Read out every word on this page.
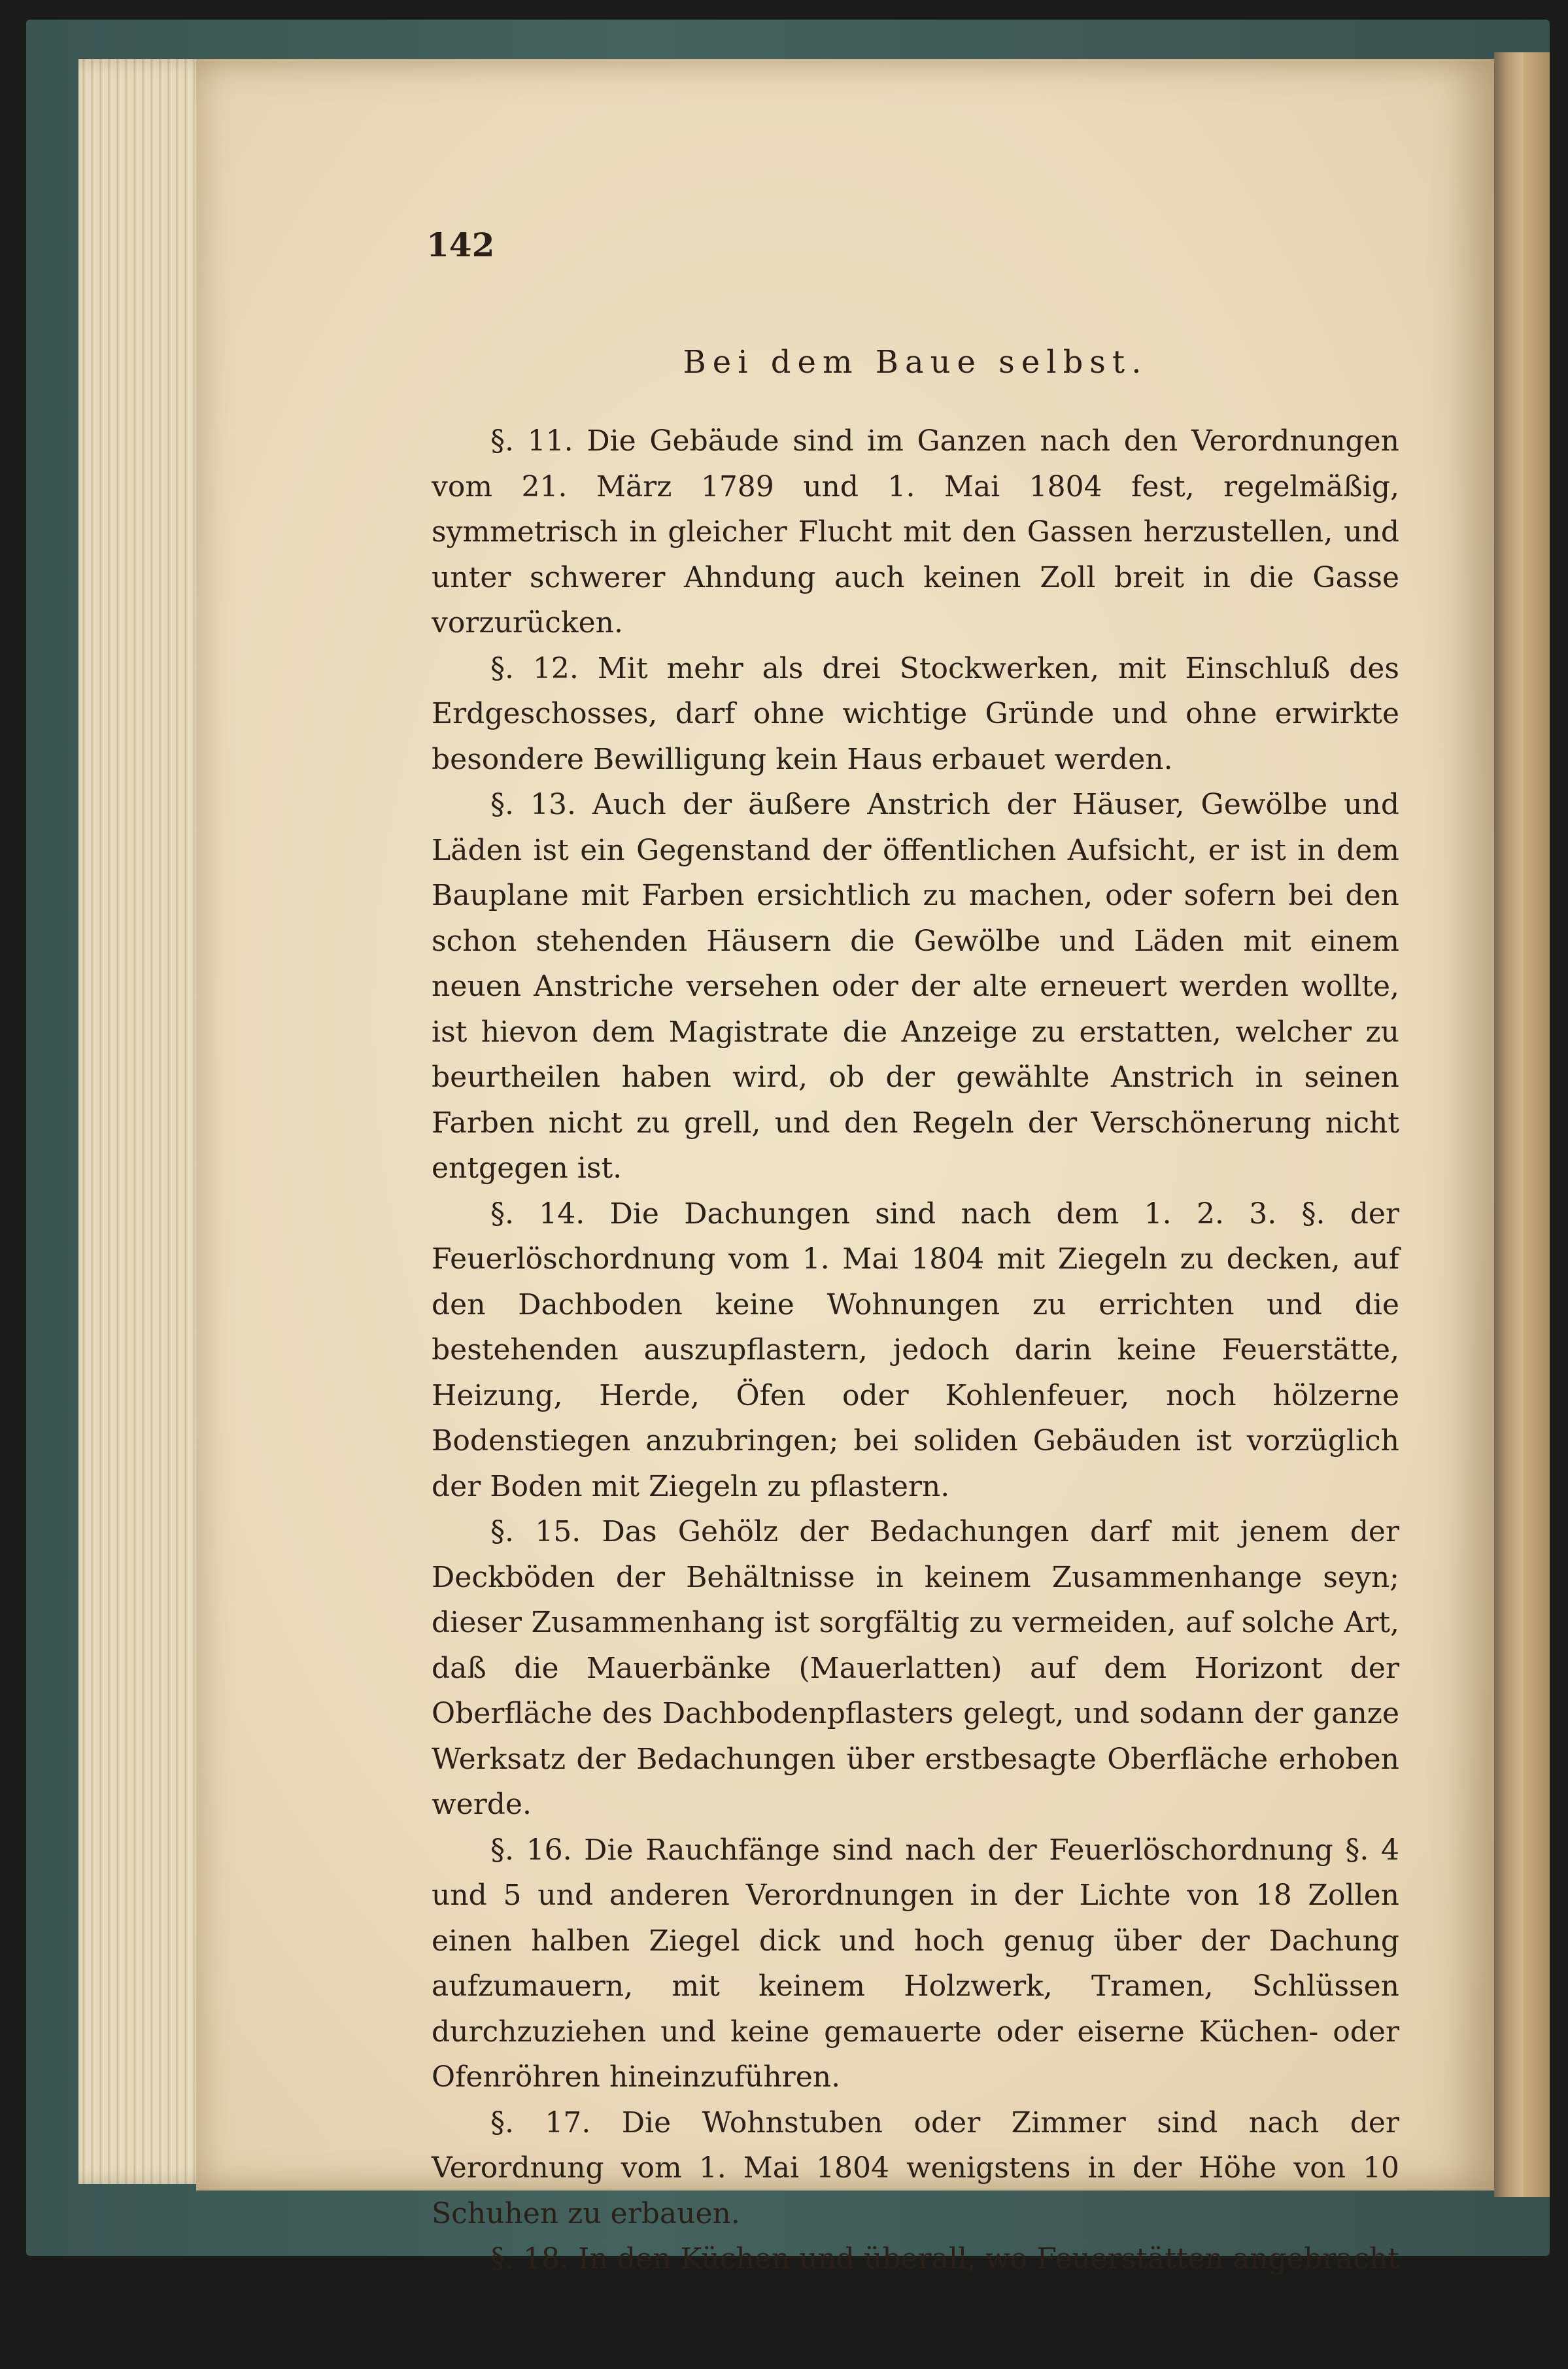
142
Bei dem Baue selbst.

§. 11. Die Gebäude sind im Ganzen nach den Verordnungen vom 21. März 1789 und 1. Mai 1804 fest, regelmäßig, symmetrisch in gleicher Flucht mit den Gassen herzustellen, und unter schwerer Ahndung auch keinen Zoll breit in die Gasse vorzurücken.

§. 12. Mit mehr als drei Stockwerken, mit Einschluß des Erdgeschosses, darf ohne wichtige Gründe und ohne erwirkte besondere Bewilligung kein Haus erbauet werden.

§. 13. Auch der äußere Anstrich der Häuser, Gewölbe und Läden ist ein Gegenstand der öffentlichen Aufsicht, er ist in dem Bauplane mit Farben ersichtlich zu machen, oder sofern bei den schon stehenden Häusern die Gewölbe und Läden mit einem neuen Anstriche versehen oder der alte erneuert werden wollte, ist hievon dem Magistrate die Anzeige zu erstatten, welcher zu beurtheilen haben wird, ob der gewählte Anstrich in seinen Farben nicht zu grell, und den Regeln der Verschönerung nicht entgegen ist.

§. 14. Die Dachungen sind nach dem 1. 2. 3. §. der Feuerlöschordnung vom 1. Mai 1804 mit Ziegeln zu decken, auf den Dachboden keine Wohnungen zu errichten und die bestehenden auszupflastern, jedoch darin keine Feuerstätte, Heizung, Herde, Öfen oder Kohlenfeuer, noch hölzerne Bodenstiegen anzubringen; bei soliden Gebäuden ist vorzüglich der Boden mit Ziegeln zu pflastern.

§. 15. Das Gehölz der Bedachungen darf mit jenem der Deckböden der Behältnisse in keinem Zusammenhange seyn; dieser Zusammenhang ist sorgfältig zu vermeiden, auf solche Art, daß die Mauerbänke (Mauerlatten) auf dem Horizont der Oberfläche des Dachbodenpflasters gelegt, und sodann der ganze Werksatz der Bedachungen über erstbesagte Oberfläche erhoben werde.

§. 16. Die Rauchfänge sind nach der Feuerlöschordnung §. 4 und 5 und anderen Verordnungen in der Lichte von 18 Zollen einen halben Ziegel dick und hoch genug über der Dachung aufzumauern, mit keinem Holzwerk, Tramen, Schlüssen durchzuziehen und keine gemauerte oder eiserne Küchen- oder Ofenröhren hineinzuführen.

§. 17. Die Wohnstuben oder Zimmer sind nach der Verordnung vom 1. Mai 1804 wenigstens in der Höhe von 10 Schuhen zu erbauen.

§. 18. In den Küchen und überall, wo Feuerstätten angebracht
